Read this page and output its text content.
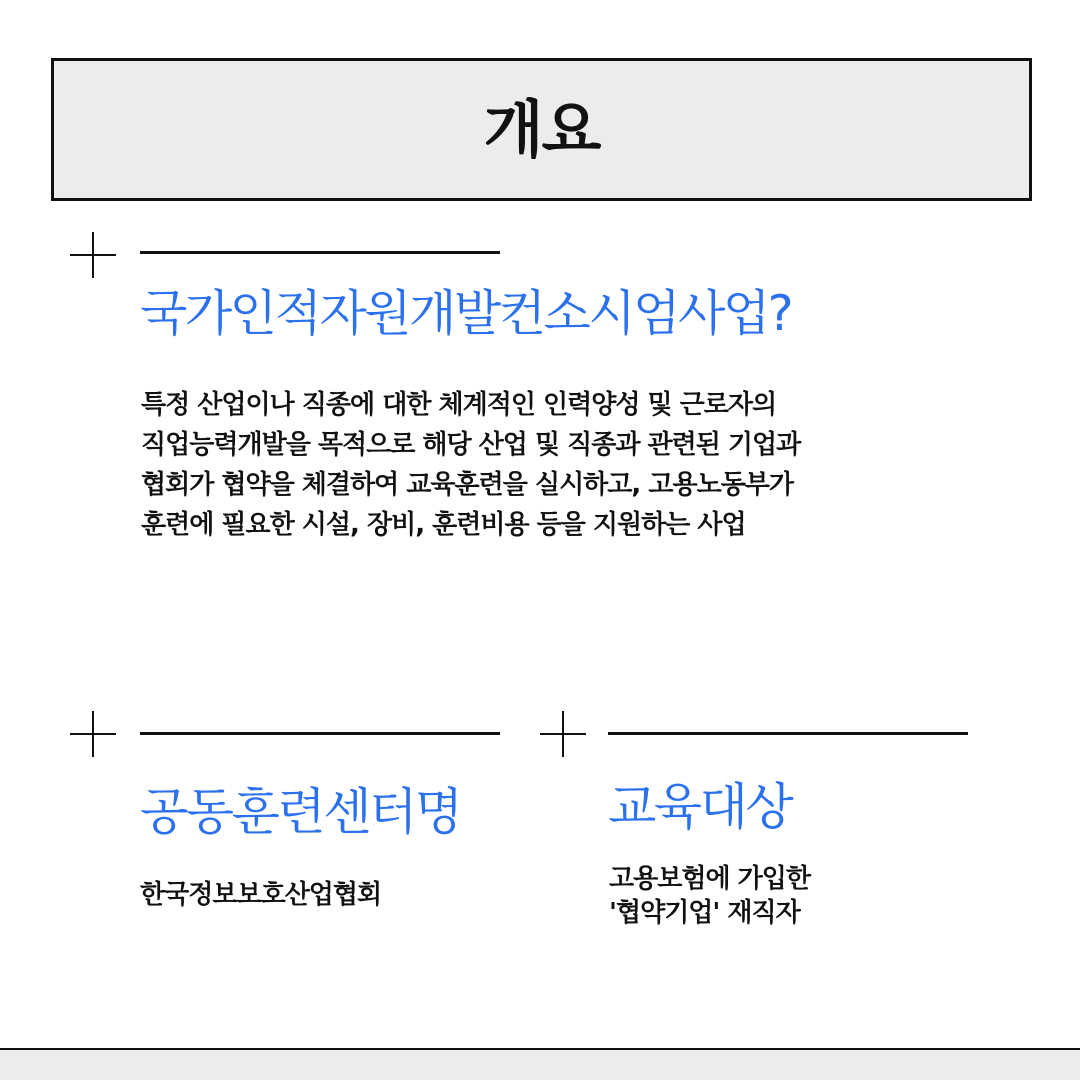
개요
국가인적자원개발컨소시엄사업?
특정 산업이나 직종에 대한 체계적인 인력양성 및 근로자의
직업능력개발을 목적으로 해당 산업 및 직종과 관련된 기업과
협회가 협약을 체결하여 교육훈련을 실시하고, 고용노동부가
훈련에 필요한 시설, 장비, 훈련비용 등을 지원하는 사업
공동훈련센터명
한국정보보호산업협회
교육대상
고용보험에 가입한
'협약기업' 재직자
